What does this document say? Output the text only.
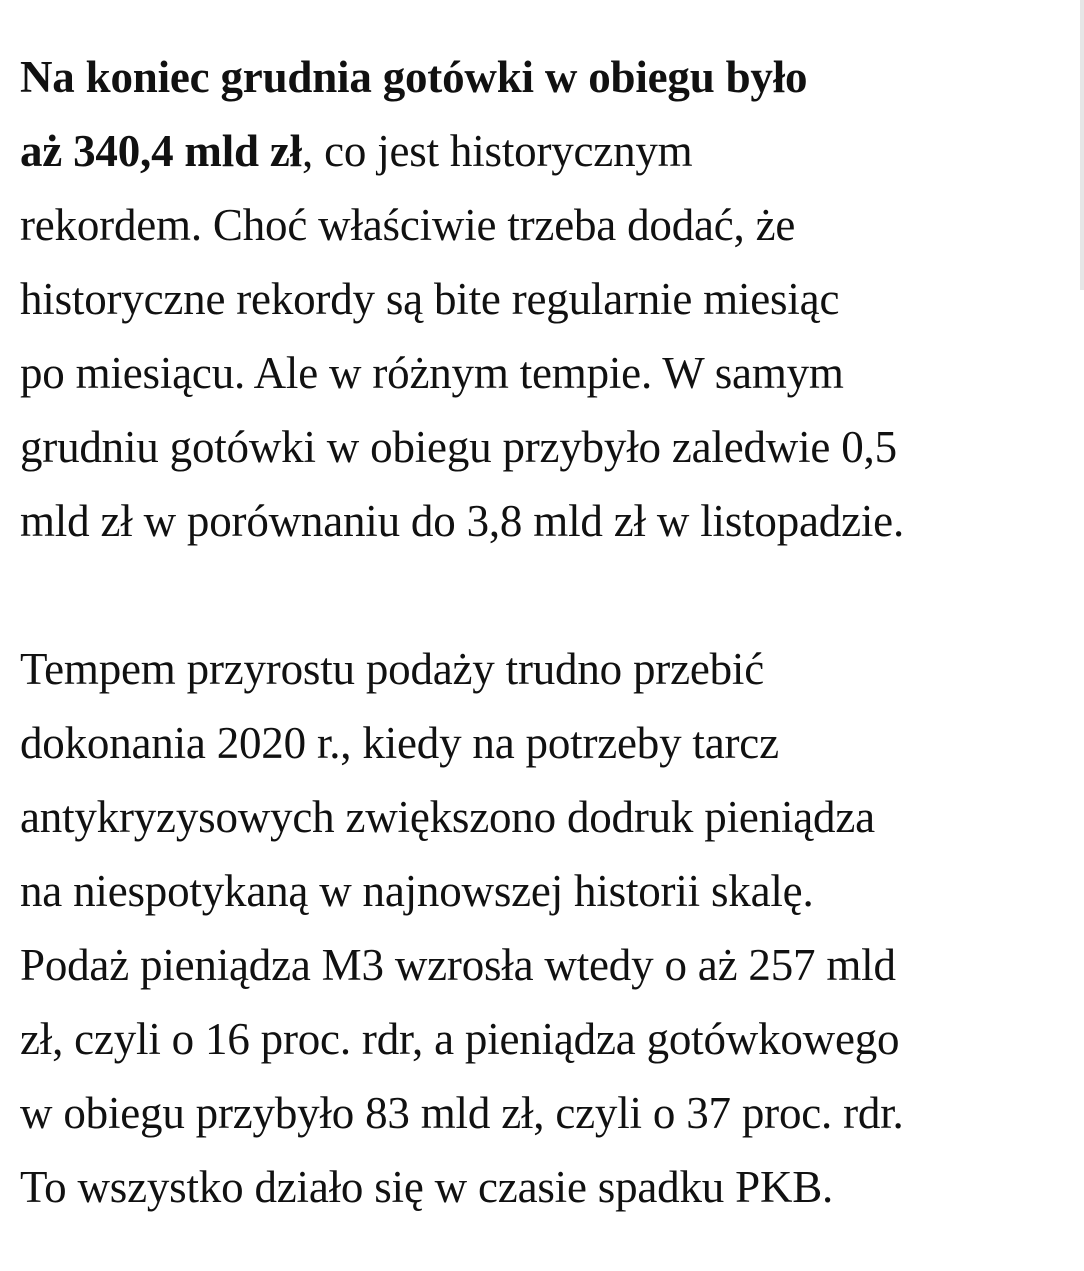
Na koniec grudnia gotówki w obiegu było
aż 340,4 mld zł, co jest historycznym
rekordem. Choć właściwie trzeba dodać, że
historyczne rekordy są bite regularnie miesiąc
po miesiącu. Ale w różnym tempie. W samym
grudniu gotówki w obiegu przybyło zaledwie 0,5
mld zł w porównaniu do 3,8 mld zł w listopadzie.

Tempem przyrostu podaży trudno przebić
dokonania 2020 r., kiedy na potrzeby tarcz
antykryzysowych zwiększono dodruk pieniądza
na niespotykaną w najnowszej historii skalę.
Podaż pieniądza M3 wzrosła wtedy o aż 257 mld
zł, czyli o 16 proc. rdr, a pieniądza gotówkowego
w obiegu przybyło 83 mld zł, czyli o 37 proc. rdr.
To wszystko działo się w czasie spadku PKB.
